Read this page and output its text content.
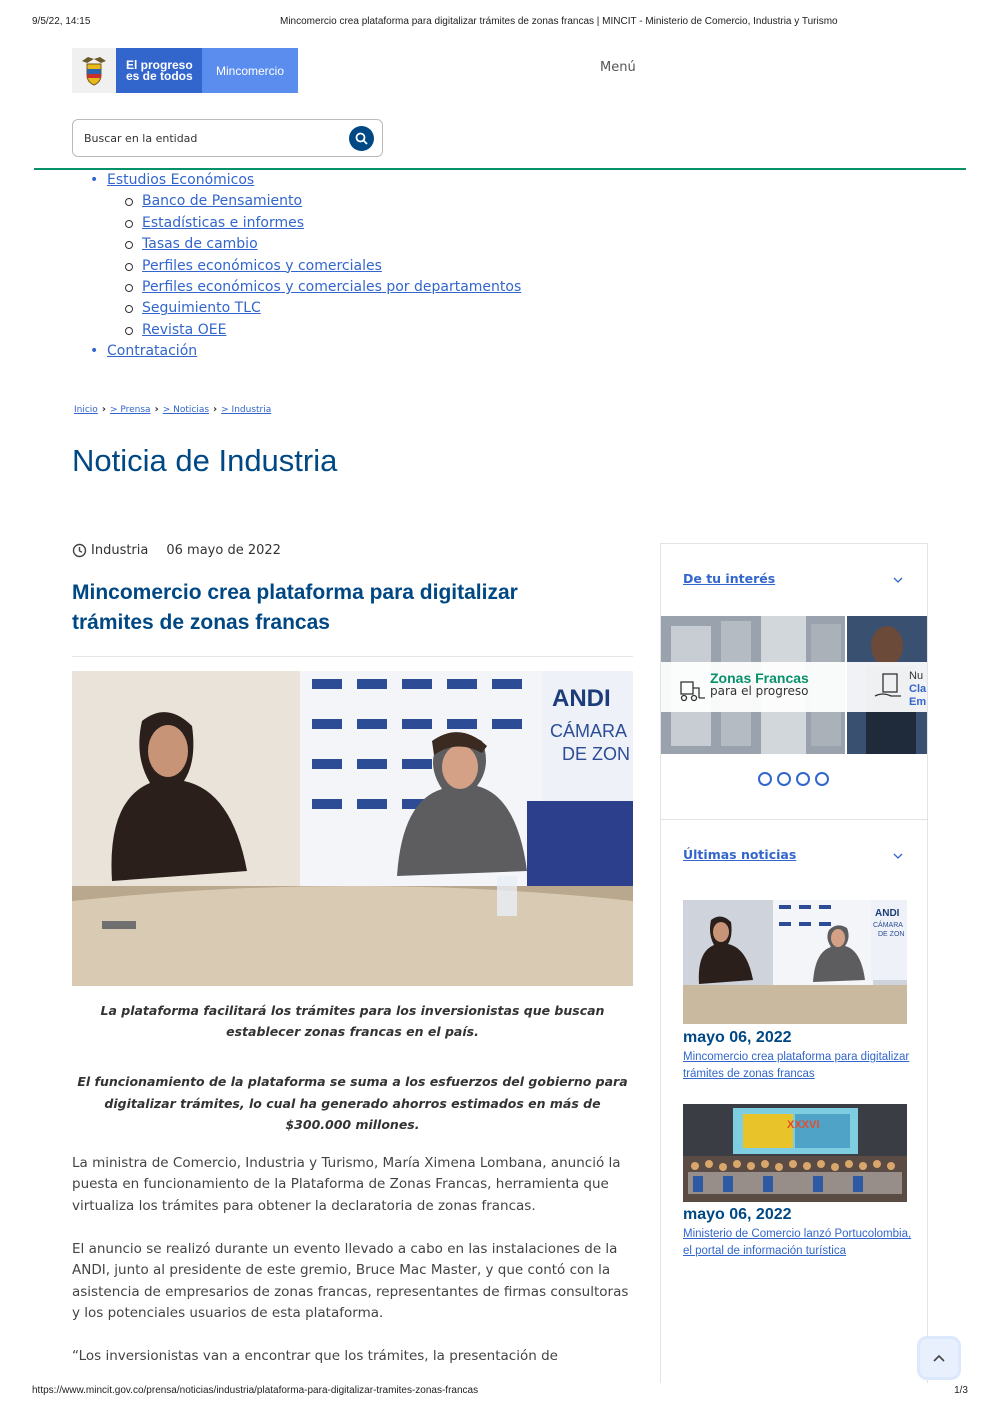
9/5/22, 14:15	Mincomercio crea plataforma para digitalizar trámites de zonas francas | MINCIT - Ministerio de Comercio, Industria y Turismo
El progreso
es de todos	Mincomercio	Menú
Buscar en la entidad
• Estudios Económicos
Banco de Pensamiento
Estadísticas e informes
Tasas de cambio
Perfiles económicos y comerciales
Perfiles económicos y comerciales por departamentos
Seguimiento TLC
Revista OEE
• Contratación
Inicio › > Prensa › > Noticias › > Industria
Noticia de Industria
Industria 06 mayo de 2022
Mincomercio crea plataforma para digitalizar trámites de zonas francas
ANDI
CÁMARA
DE ZON
La plataforma facilitará los trámites para los inversionistas que buscan establecer zonas francas en el país.
El funcionamiento de la plataforma se suma a los esfuerzos del gobierno para digitalizar trámites, lo cual ha generado ahorros estimados en más de $300.000 millones.

La ministra de Comercio, Industria y Turismo, María Ximena Lombana, anunció la puesta en funcionamiento de la Plataforma de Zonas Francas, herramienta que virtualiza los trámites para obtener la declaratoria de zonas francas.

El anuncio se realizó durante un evento llevado a cabo en las instalaciones de la ANDI, junto al presidente de este gremio, Bruce Mac Master, y que contó con la asistencia de empresarios de zonas francas, representantes de firmas consultoras y los potenciales usuarios de esta plataforma.

“Los inversionistas van a encontrar que los trámites, la presentación de

De tu interés
Zonas Francas
para el progreso
Nu
Cla
Em
Últimas noticias
ANDI
CÁMARA
DE ZON
mayo 06, 2022
Mincomercio crea plataforma para digitalizar trámites de zonas francas
XXXVI
mayo 06, 2022
Ministerio de Comercio lanzó Portucolombia, el portal de información turística
https://www.mincit.gov.co/prensa/noticias/industria/plataforma-para-digitalizar-tramites-zonas-francas	1/3
